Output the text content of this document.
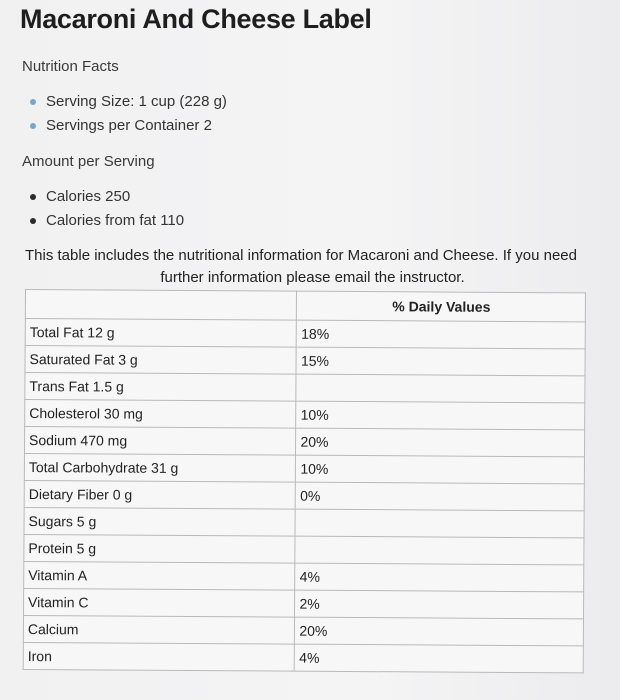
Macaroni And Cheese Label
Nutrition Facts
Serving Size: 1 cup (228 g)
Servings per Container 2
Amount per Serving
Calories 250
Calories from fat 110
This table includes the nutritional information for Macaroni and Cheese. If you need
further information please email the instructor.
	% Daily Values
Total Fat 12 g	18%
Saturated Fat 3 g	15%
Trans Fat 1.5 g	
Cholesterol 30 mg	10%
Sodium 470 mg	20%
Total Carbohydrate 31 g	10%
Dietary Fiber 0 g	0%
Sugars 5 g	
Protein 5 g	
Vitamin A	4%
Vitamin C	2%
Calcium	20%
Iron	4%
